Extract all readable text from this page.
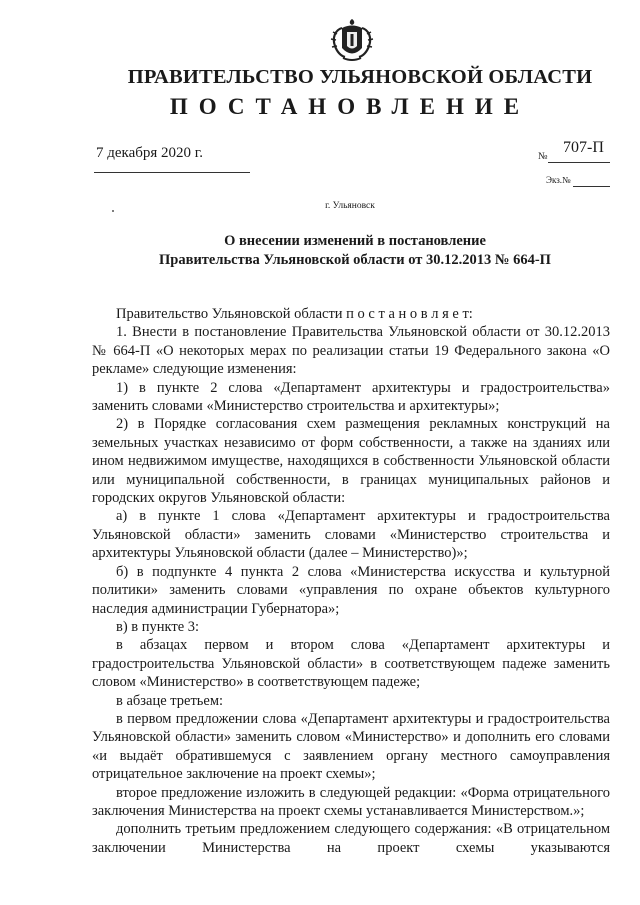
ПРАВИТЕЛЬСТВО УЛЬЯНОВСКОЙ ОБЛАСТИ
ПОСТАНОВЛЕНИЕ
7 декабря 2020 г.	№
707-П
Экз.№
г. Ульяновск
О внесении изменений в постановление
Правительства Ульяновской области от 30.12.2013 № 664-П

Правительство Ульяновской области п о с т а н о в л я е т:

1. Внести в постановление Правительства Ульяновской области от 30.12.2013 № 664-П «О некоторых мерах по реализации статьи 19 Федерального закона «О рекламе» следующие изменения:

1) в пункте 2 слова «Департамент архитектуры и градостроительства» заменить словами «Министерство строительства и архитектуры»;

2) в Порядке согласования схем размещения рекламных конструкций на земельных участках независимо от форм собственности, а также на зданиях или ином недвижимом имуществе, находящихся в собственности Ульяновской области или муниципальной собственности, в границах муниципальных районов и городских округов Ульяновской области:

а) в пункте 1 слова «Департамент архитектуры и градостроительства Ульяновской области» заменить словами «Министерство строительства и архитектуры Ульяновской области (далее – Министерство)»;

б) в подпункте 4 пункта 2 слова «Министерства искусства и культурной политики» заменить словами «управления по охране объектов культурного наследия администрации Губернатора»;

в) в пункте 3:

в абзацах первом и втором слова «Департамент архитектуры и градостроительства Ульяновской области» в соответствующем падеже заменить словом «Министерство» в соответствующем падеже;

в абзаце третьем:

в первом предложении слова «Департамент архитектуры и градостроительства Ульяновской области» заменить словом «Министерство» и дополнить его словами «и выдаёт обратившемуся с заявлением органу местного самоуправления отрицательное заключение на проект схемы»;

второе предложение изложить в следующей редакции: «Форма отрицательного заключения Министерства на проект схемы устанавливается Министерством.»;

дополнить третьим предложением следующего содержания: «В отрицательном заключении Министерства на проект схемы указываются
